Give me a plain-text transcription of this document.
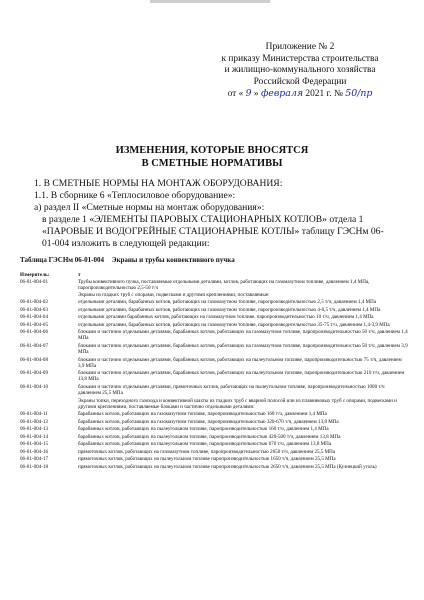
Приложение № 2
к приказу Министерства строительства
и жилищно-коммунального хозяйства
Российской Федерации
от « 9 » февраля 2021 г. № 50/пр
ИЗМЕНЕНИЯ, КОТОРЫЕ ВНОСЯТСЯ
В СМЕТНЫЕ НОРМАТИВЫ

1. В СМЕТНЫЕ НОРМЫ НА МОНТАЖ ОБОРУДОВАНИЯ:

1.1. В сборнике 6 «Теплосиловое оборудование»:

а) раздел II «Сметные нормы на монтаж оборудования»:

в разделе 1 «ЭЛЕМЕНТЫ ПАРОВЫХ СТАЦИОНАРНЫХ КОТЛОВ» отдела 1 «ПАРОВЫЕ И ВОДОГРЕЙНЫЕ СТАЦИОНАРНЫЕ КОТЛЫ» таблицу ГЭСНм 06-01-004 изложить в следующей редакции:

Таблица ГЭСНм 06-01-004 Экраны и трубы конвективного пучка
Измеритель:	т
06-01-004-01	Трубы конвективного пучка, поставляемые отдельными деталями, котлов, работающих на газомазутном топливе, давлением 1,4 МПа, паропроизводительностью 2,5-50 т/ч
Экраны из гладких труб с опорами, подвесками и другими креплениями, поставляемые:
06-01-004-02	отдельными деталями, барабанных котлов, работающих на газомазутном топливе, паропроизводительностью 2,5 т/ч, давлением 1,4 МПа
06-01-004-03	отдельными деталями, барабанных котлов, работающих на газомазутном топливе, паропроизводительностью 4-6,5 т/ч, давлением 1,4 МПа
06-01-004-04	отдельными деталями барабанных котлов, работающих на газомазутном топливе, паропроизводительностью 10 т/ч, давлением 1,4 МПа
06-01-004-05	отдельными деталями, барабанных котлов, работающих на газомазутном топливе, паропроизводительностью 35-75 т/ч, давлением 1,4-3,9 МПа
06-01-004-06	блоками и частично отдельными деталями, барабанных котлов, работающих на газомазутном топливе, паропроизводительностью 50 т/ч, давлением 1,4 МПа
06-01-004-07	блоками и частично отдельными деталями, барабанных котлов, работающих на газомазутном топливе, паропроизводительностью 50 т/ч, давлением 3,9 МПа
06-01-004-08	блоками и частично отдельными деталями, барабанных котлов, работающих на пылеугольном топливе, паропроизводительностью 75 т/ч, давлением 3,9 МПа
06-01-004-09	блоками и частично отдельными деталями, барабанных котлов, работающих на пылеугольном топливе, паропроизводительностью 210 т/ч, давлением 13,8 МПа
06-01-004-10	блоками и частично отдельными деталями, прямоточных котлов, работающих на пылеугольном топливе, паропроизводительностью 1000 т/ч давлением 25,5 МПа
Экраны топки, переходного газохода и конвективной шахты из гладких труб с вварной полосой или из плавниковых труб с опорами, подвесками и другими креплениями, поставляемые блоками и частично отдельными деталями:
06-01-004-11	барабанных котлов, работающих на газомазутном топливе, паропроизводительностью 160 т/ч, давлением 1,4 МПа
06-01-004-12	барабанных котлов, работающих на газомазутном топливе, паропроизводительностью 320-670 т/ч, давлением 13,8 МПа
06-01-004-13	барабанных котлов, работающих на пылеугольном топливе, паропроизводительностью 160 т/ч, давлением 1,4 МПа
06-01-004-14	барабанных котлов, работающих на пылеугольном топливе, паропроизводительностью 420-500 т/ч, давлением 13,8 МПа
06-01-004-15	барабанных котлов, работающих на пылеугольном топливе, паропроизводительностью 670 т/ч, давлением 13,8 МПа
06-01-004-16	прямоточных котлов, работающих на газомазутном топливе, паропроизводительностью 2650 т/ч, давлением 25,5 МПа
06-01-004-17	прямоточных котлов, работающих на пылеугольном топливе паропроизводительностью 1650 т/ч, давлением 25,5 МПа
06-01-004-18	прямоточных котлов, работающих на пылеугольном топливе паропроизводительностью 2650 т/ч, давлением 25,5 МПа (Кузнецкий уголь)
